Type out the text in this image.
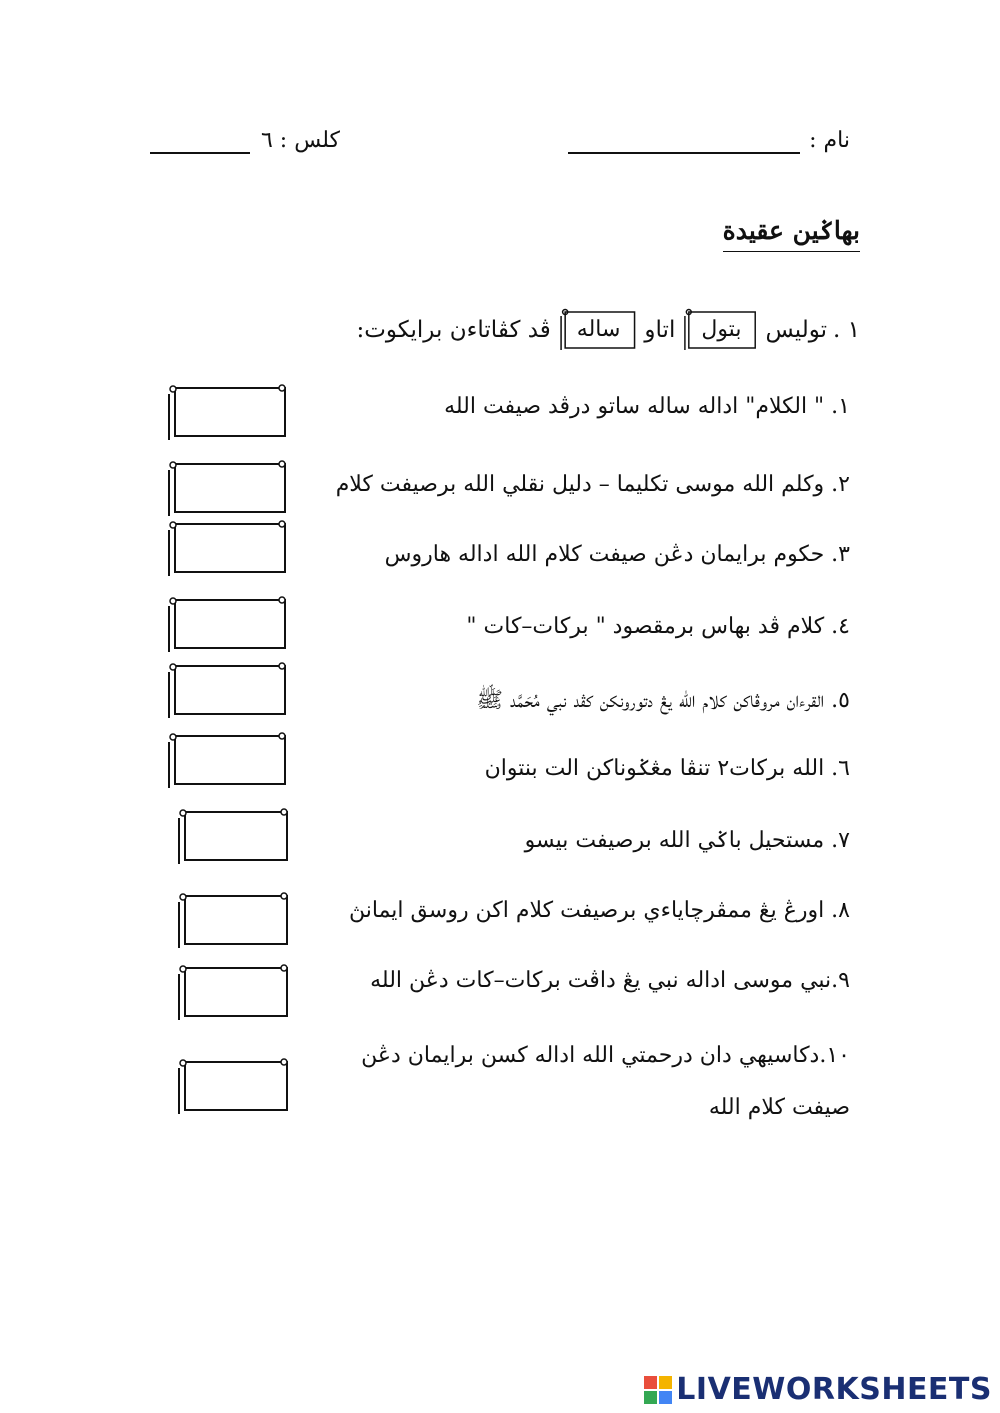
نام :
كلس : ٦
بهاݢين عقيدة
١ .
توليس
بتول
اتاو
ساله
ڤد كڤاتاءن برايكوت:
١. " الكلام" اداله ساله ساتو درڤد صيفت الله
٢. وكلم الله موسى تكليما – دليل نقلي الله برصيفت كلام
٣. حكوم برايمان دڠن صيفت كلام الله اداله هاروس
٤. كلام ڤد بهاس برمقصود " بركات–كات "
٥. القرءان مروڤاكن كلام الله يڠ دتورونكن كڤد نبي مُحَمَّد ﷺ
٦. الله بركات٢ تنڤا مڠݢوناكن الت بنتوان
٧. مستحيل باݢي الله برصيفت بيسو
٨. اورڠ يڠ ممڤرچاياءي برصيفت كلام اكن روسق ايمانڽ
٩.نبي موسى اداله نبي يڠ داڤت بركات–كات دڠن الله
١٠.دكاسيهي دان درحمتي الله اداله كسن برايمان دڠن صيفت كلام الله
LIVEWORKSHEETS
